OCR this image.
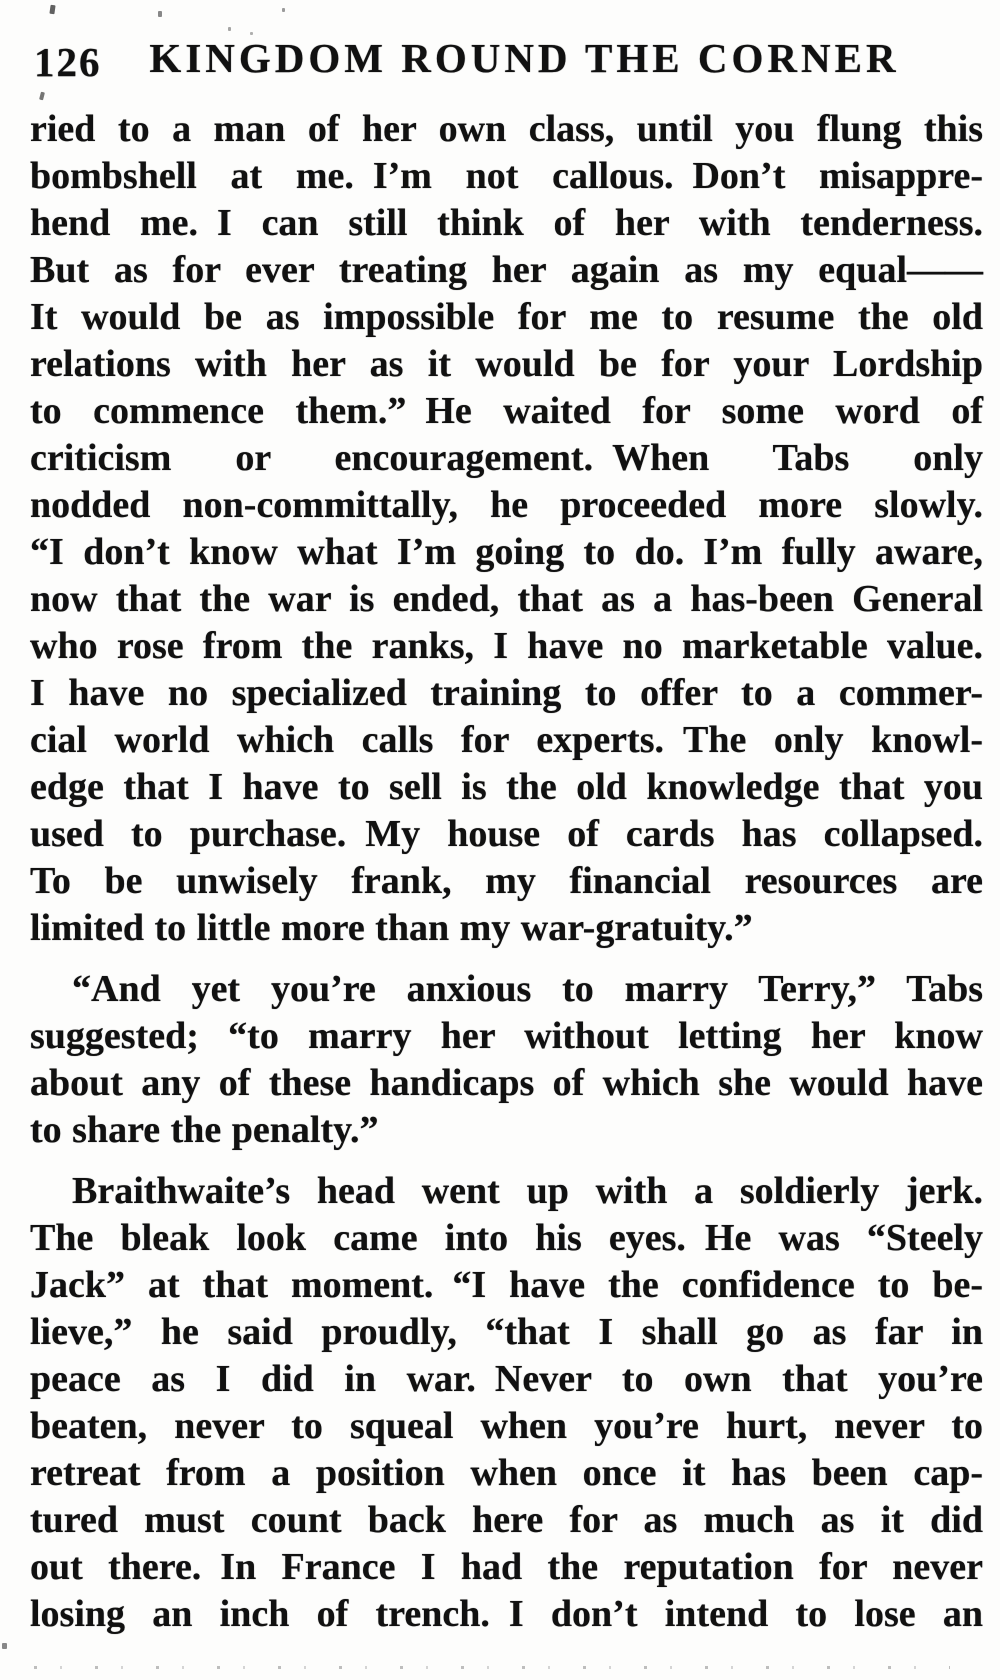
126	KINGDOM ROUND THE CORNER
ried to a man of her own class, until you flung this
bombshell at me. I’m not callous. Don’t misappre-
hend me. I can still think of her with tenderness.
But as for ever treating her again as my equal——
It would be as impossible for me to resume the old
relations with her as it would be for your Lordship
to commence them.” He waited for some word of
criticism or encouragement. When Tabs only
nodded non-committally, he proceeded more slowly.
“I don’t know what I’m going to do. I’m fully aware,
now that the war is ended, that as a has-been General
who rose from the ranks, I have no marketable value.
I have no specialized training to offer to a commer-
cial world which calls for experts. The only knowl-
edge that I have to sell is the old knowledge that you
used to purchase. My house of cards has collapsed.
To be unwisely frank, my financial resources are
limited to little more than my war-gratuity.”
“And yet you’re anxious to marry Terry,” Tabs
suggested; “to marry her without letting her know
about any of these handicaps of which she would have
to share the penalty.”
Braithwaite’s head went up with a soldierly jerk.
The bleak look came into his eyes. He was “Steely
Jack” at that moment. “I have the confidence to be-
lieve,” he said proudly, “that I shall go as far in
peace as I did in war. Never to own that you’re
beaten, never to squeal when you’re hurt, never to
retreat from a position when once it has been cap-
tured must count back here for as much as it did
out there. In France I had the reputation for never
losing an inch of trench. I don’t intend to lose an
